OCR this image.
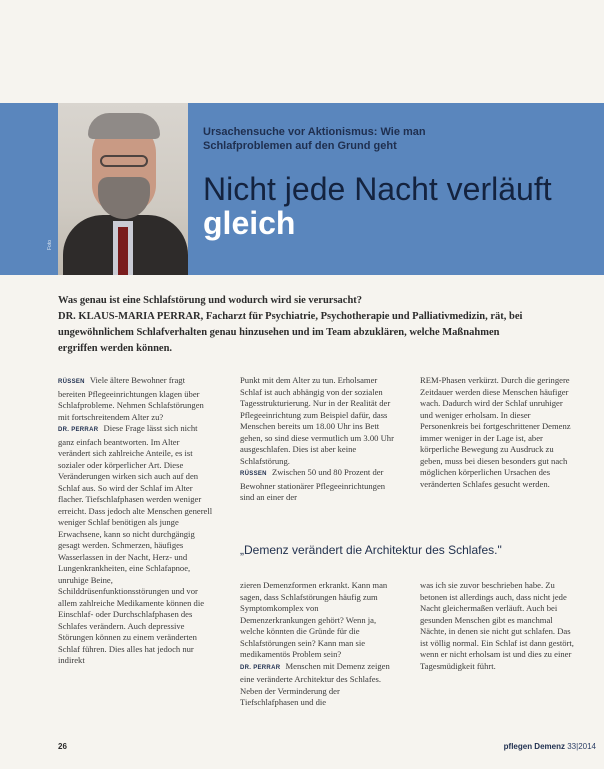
Foto
Ursachensuche vor Aktionismus: Wie man Schlafproblemen auf den Grund geht
Nicht jede Nacht verläuft gleich
Was genau ist eine Schlafstörung und wodurch wird sie verursacht?
DR. KLAUS-MARIA PERRAR, Facharzt für Psychiatrie, Psychotherapie und Palliativmedizin, rät, bei ungewöhnlichem Schlafverhalten genau hinzusehen und im Team abzuklären, welche Maßnahmen ergriffen werden können.

RÜSSEN Viele ältere Bewohner fragt bereiten Pflegeeinrichtungen klagen über Schlafprobleme. Nehmen Schlafstörungen mit fortschreitendem Alter zu?

DR. PERRAR Diese Frage lässt sich nicht ganz einfach beantworten. Im Alter verändert sich zahlreiche Anteile, es ist sozialer oder körperlicher Art. Diese Veränderungen wirken sich auch auf den Schlaf aus. So wird der Schlaf im Alter flacher. Tiefschlafphasen werden weniger erreicht. Dass jedoch alte Menschen generell weniger Schlaf benötigen als junge Erwachsene, kann so nicht durchgängig gesagt werden. Schmerzen, häufiges Wasserlassen in der Nacht, Herz- und Lungenkrankheiten, eine Schlafapnoe, unruhige Beine, Schilddrüsenfunktionsstörungen und vor allem zahlreiche Medikamente können die Einschlaf- oder Durchschlafphasen des Schlafes verändern. Auch depressive Störungen können zu einem veränderten Schlaf führen. Dies alles hat jedoch nur indirekt

Punkt mit dem Alter zu tun. Erholsamer Schlaf ist auch abhängig von der sozialen Tagesstrukturierung. Nur in der Realität der Pflegeeinrichtung zum Beispiel dafür, dass Menschen bereits um 18.00 Uhr ins Bett gehen, so sind diese vermutlich um 3.00 Uhr ausgeschlafen. Dies ist aber keine Schlafstörung.

RÜSSEN Zwischen 50 und 80 Prozent der Bewohner stationärer Pflegeeinrichtungen sind an einer der

REM-Phasen verkürzt. Durch die geringere Zeitdauer werden diese Menschen häufiger wach. Dadurch wird der Schlaf unruhiger und weniger erholsam. In dieser Personenkreis bei fortgeschrittener Demenz immer weniger in der Lage ist, aber körperliche Bewegung zu Ausdruck zu geben, muss bei diesen besonders gut nach möglichen körperlichen Ursachen des veränderten Schlafes gesucht werden.

„Demenz verändert die Architektur des Schlafes."

zieren Demenzformen erkrankt. Kann man sagen, dass Schlafstörungen häufig zum Symptomkomplex von Demenzerkrankungen gehört? Wenn ja, welche könnten die Gründe für die Schlafstörungen sein? Kann man sie medikamentös Problem sein?

DR. PERRAR Menschen mit Demenz zeigen eine veränderte Architektur des Schlafes. Neben der Verminderung der Tiefschlafphasen und die

was ich sie zuvor beschrieben habe. Zu betonen ist allerdings auch, dass nicht jede Nacht gleichermaßen verläuft. Auch bei gesunden Menschen gibt es manchmal Nächte, in denen sie nicht gut schlafen. Das ist völlig normal. Ein Schlaf ist dann gestört, wenn er nicht erholsam ist und dies zu einer Tagesmüdigkeit führt.

26	pflegen Demenz 33|2014
